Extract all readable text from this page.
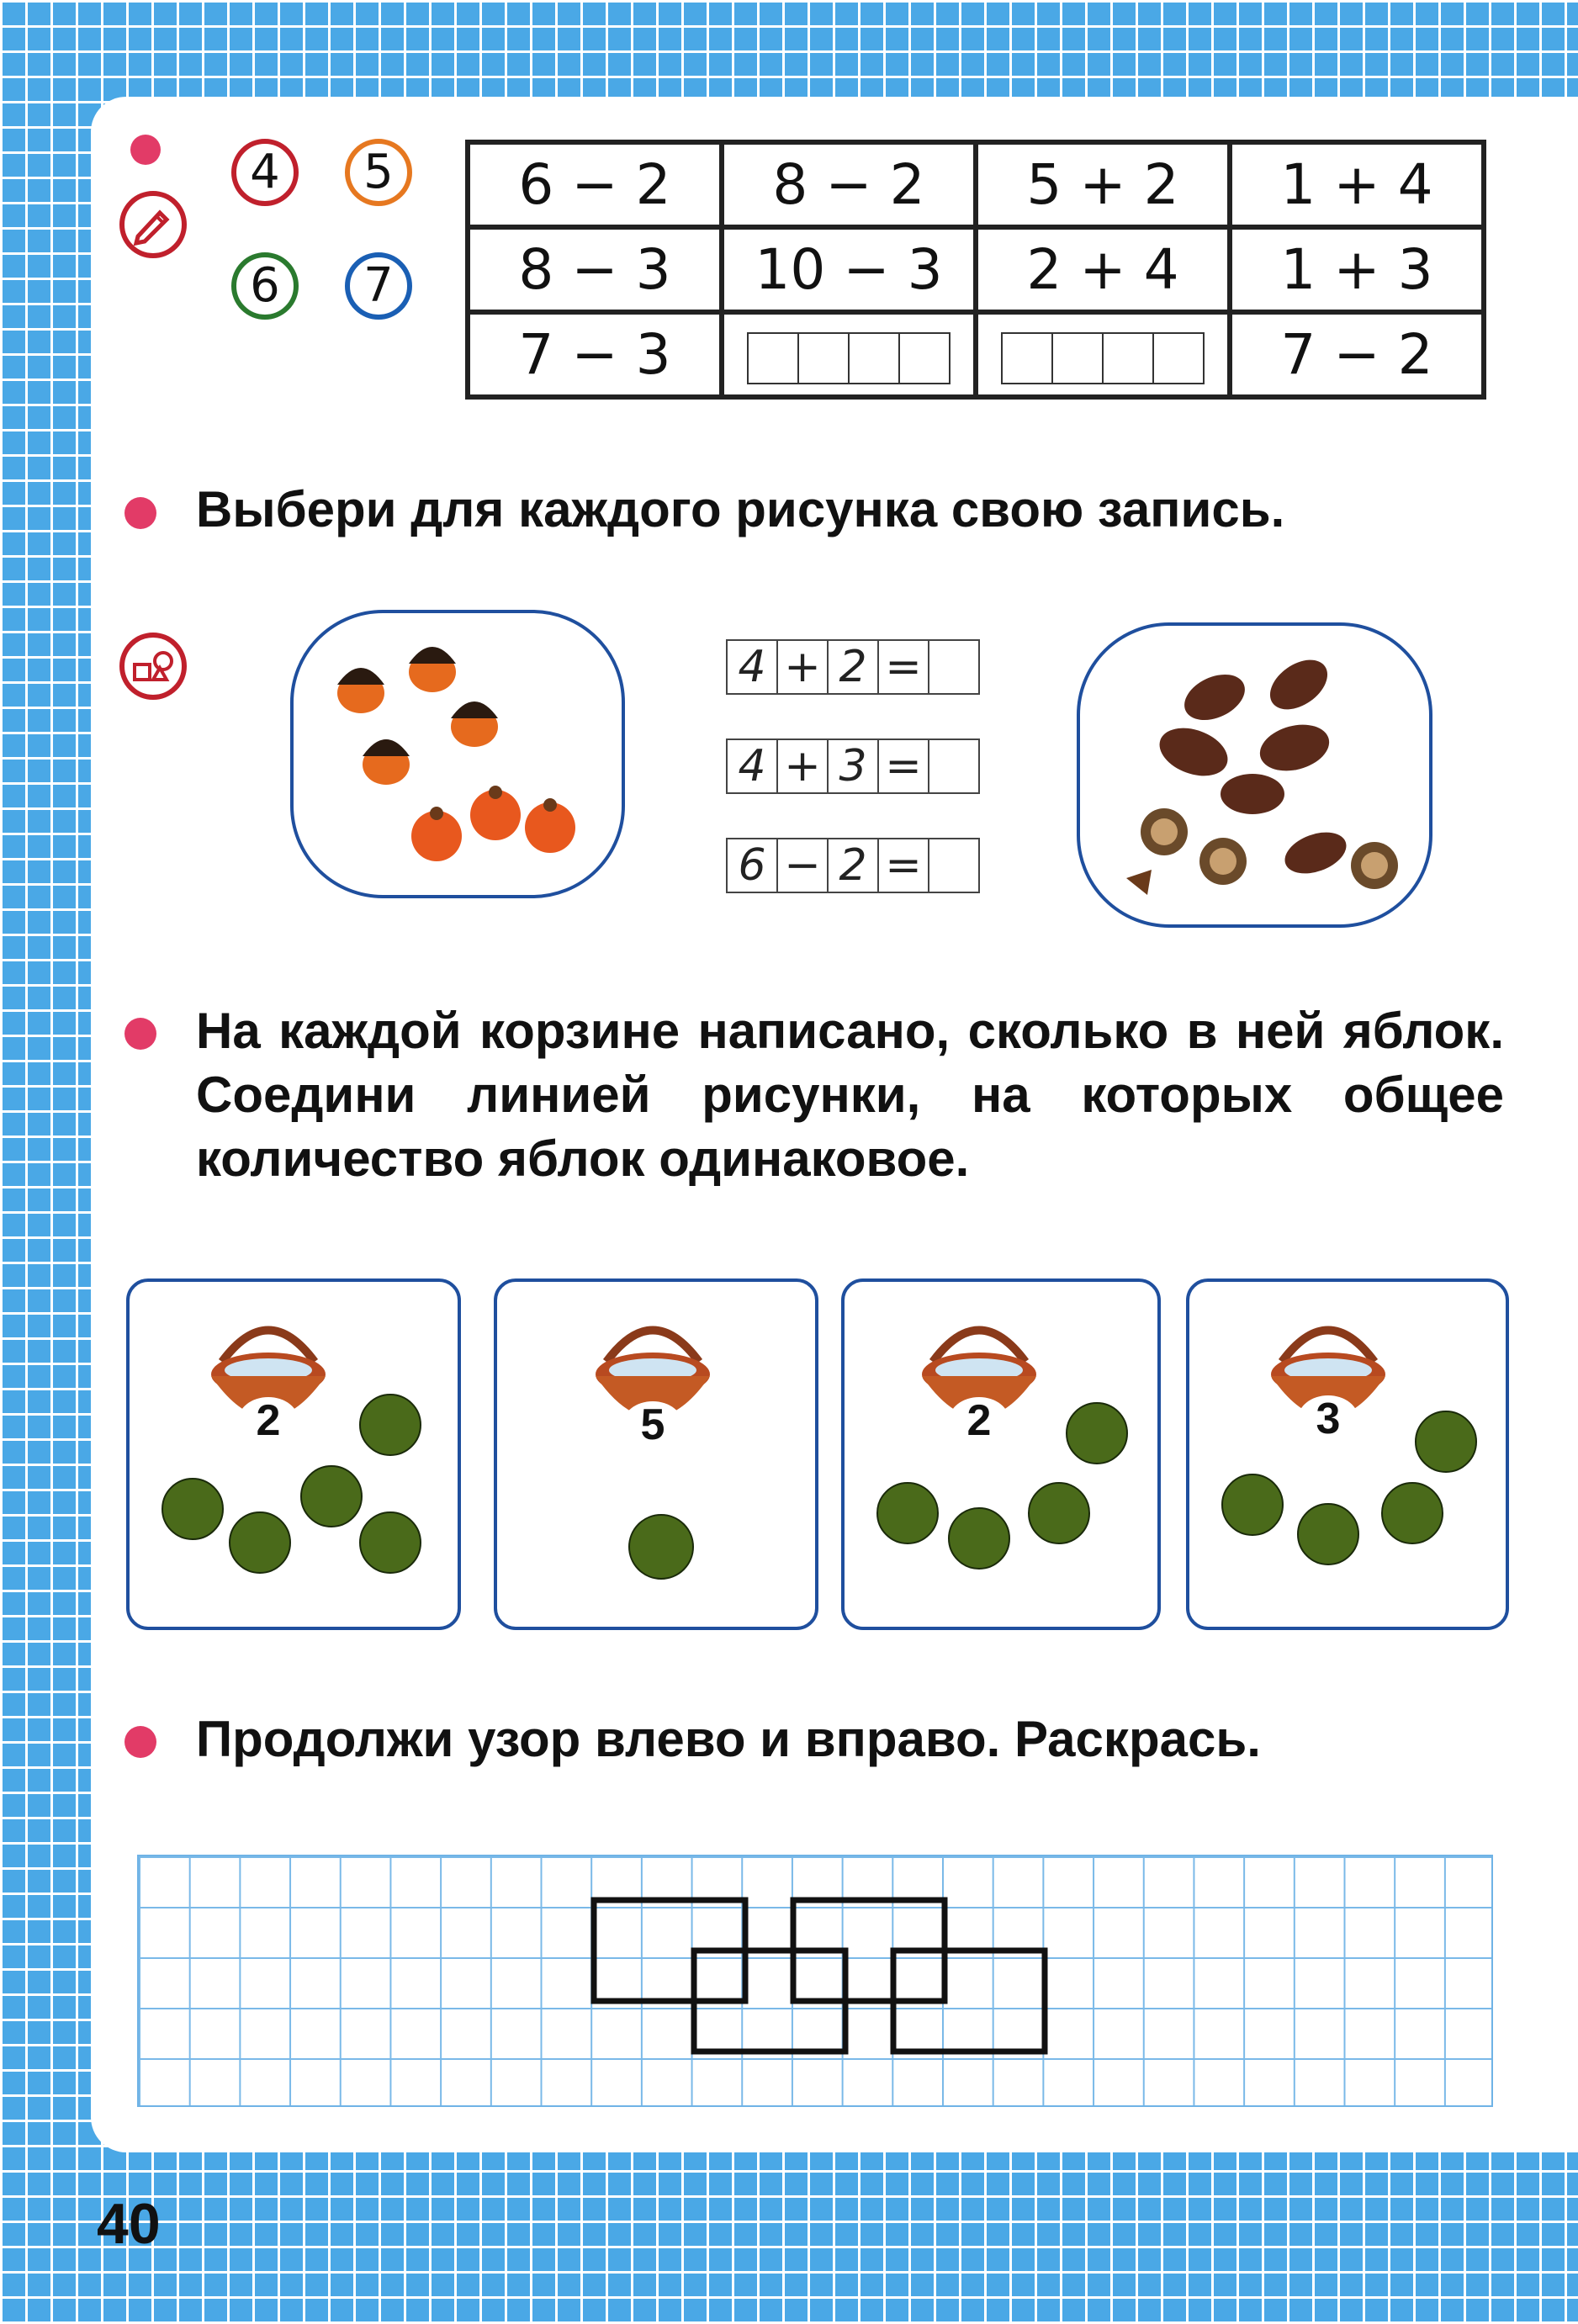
4	5
6	7
6 − 2	8 − 2	5 + 2	1 + 4
8 − 3	10 − 3	2 + 4	1 + 3
7 − 3			7 − 2
Выбери для каждого рисунка свою запись.
4 + 2 =
4 + 3 =
6 − 2 =
На каждой корзине написано, сколько в ней яблок. Соедини линией рисунки, на которых общее количество яблок одинаковое.
2	5	2	3
Продолжи узор влево и вправо. Раскрась.
40
